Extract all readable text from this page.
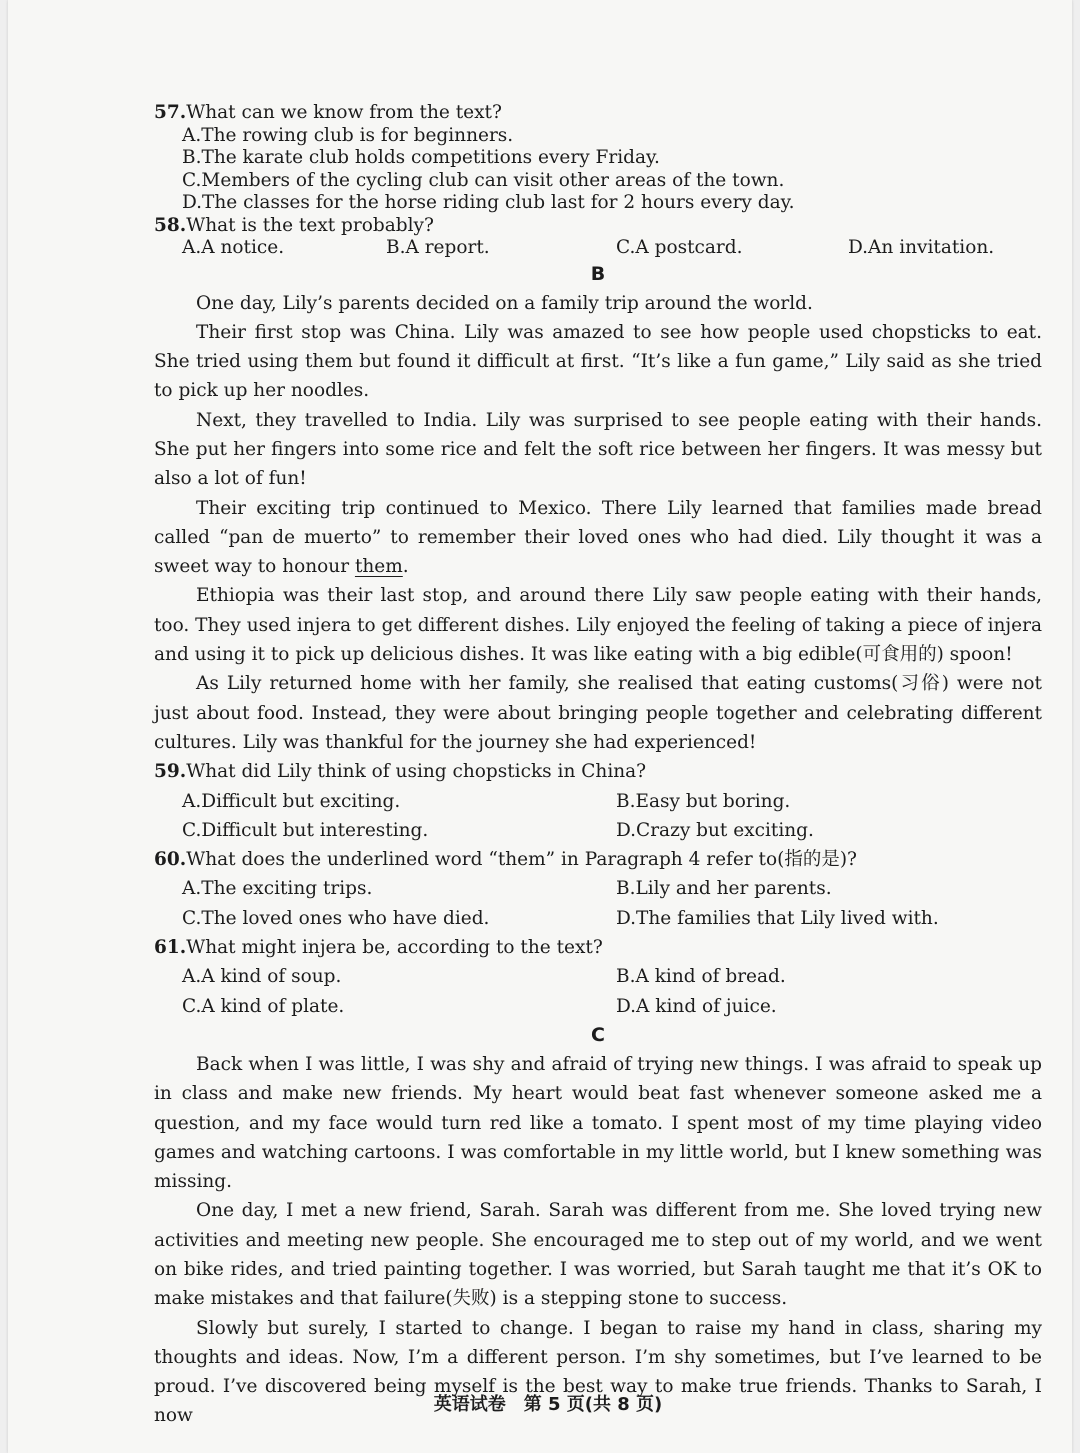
57.What can we know from the text?
A.The rowing club is for beginners.
B.The karate club holds competitions every Friday.
C.Members of the cycling club can visit other areas of the town.
D.The classes for the horse riding club last for 2 hours every day.
58.What is the text probably?
A.A notice.	B.A report.	C.A postcard.	D.An invitation.
B

One day, Lily’s parents decided on a family trip around the world.

Their first stop was China. Lily was amazed to see how people used chopsticks to eat. She tried using them but found it difficult at first. “It’s like a fun game,” Lily said as she tried to pick up her noodles.

Next, they travelled to India. Lily was surprised to see people eating with their hands. She put her fingers into some rice and felt the soft rice between her fingers. It was messy but also a lot of fun!

Their exciting trip continued to Mexico. There Lily learned that families made bread called “pan de muerto” to remember their loved ones who had died. Lily thought it was a sweet way to honour them.

Ethiopia was their last stop, and around there Lily saw people eating with their hands, too. They used injera to get different dishes. Lily enjoyed the feeling of taking a piece of injera and using it to pick up delicious dishes. It was like eating with a big edible(可食用的) spoon!

As Lily returned home with her family, she realised that eating customs(习俗) were not just about food. Instead, they were about bringing people together and celebrating different cultures. Lily was thankful for the journey she had experienced!

59.What did Lily think of using chopsticks in China?
A.Difficult but exciting.	B.Easy but boring.
C.Difficult but interesting.	D.Crazy but exciting.
60.What does the underlined word “them” in Paragraph 4 refer to(指的是)?
A.The exciting trips.	B.Lily and her parents.
C.The loved ones who have died.	D.The families that Lily lived with.
61.What might injera be, according to the text?
A.A kind of soup.	B.A kind of bread.
C.A kind of plate.	D.A kind of juice.
C

Back when I was little, I was shy and afraid of trying new things. I was afraid to speak up in class and make new friends. My heart would beat fast whenever someone asked me a question, and my face would turn red like a tomato. I spent most of my time playing video games and watching cartoons. I was comfortable in my little world, but I knew something was missing.

One day, I met a new friend, Sarah. Sarah was different from me. She loved trying new activities and meeting new people. She encouraged me to step out of my world, and we went on bike rides, and tried painting together. I was worried, but Sarah taught me that it’s OK to make mistakes and that failure(失败) is a stepping stone to success.

Slowly but surely, I started to change. I began to raise my hand in class, sharing my thoughts and ideas. Now, I’m a different person. I’m shy sometimes, but I’ve learned to be proud. I’ve discovered being myself is the best way to make true friends. Thanks to Sarah, I now

英语试卷　第 5 页(共 8 页)
